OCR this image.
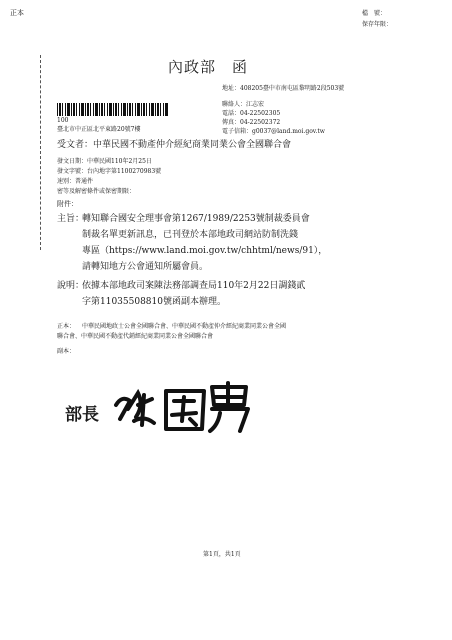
正本	檔　號：
保存年限：
內政部　函
地址：408205臺中市南屯區黎明路2段503號
聯絡人：江志宏
電話：04-22502305
傳真：04-22502372
電子信箱：g0037@land.moi.gov.tw
100
臺北市中正區北平東路20號7樓
受文者：中華民國不動產仲介經紀商業同業公會全國聯合會
發文日期：中華民國110年2月25日
發文字號：台內地字第1100270983號
速別：普通件
密等及解密條件或保密期限：
附件：
主旨：
轉知聯合國安全理事會第1267/1989/2253號制裁委員會
制裁名單更新訊息，已刊登於本部地政司網站防制洗錢
專區（https://www.land.moi.gov.tw/chhtml/news/91），
請轉知地方公會通知所屬會員。
說明：
依據本部地政司案陳法務部調查局110年2月22日調錢貳
字第11035508810號函副本辦理。
正本： 中華民國地政士公會全國聯合會、中華民國不動產仲介經紀商業同業公會全國
聯合會、中華民國不動產代銷經紀商業同業公會全國聯合會
副本：
部長
第1頁，共1頁
